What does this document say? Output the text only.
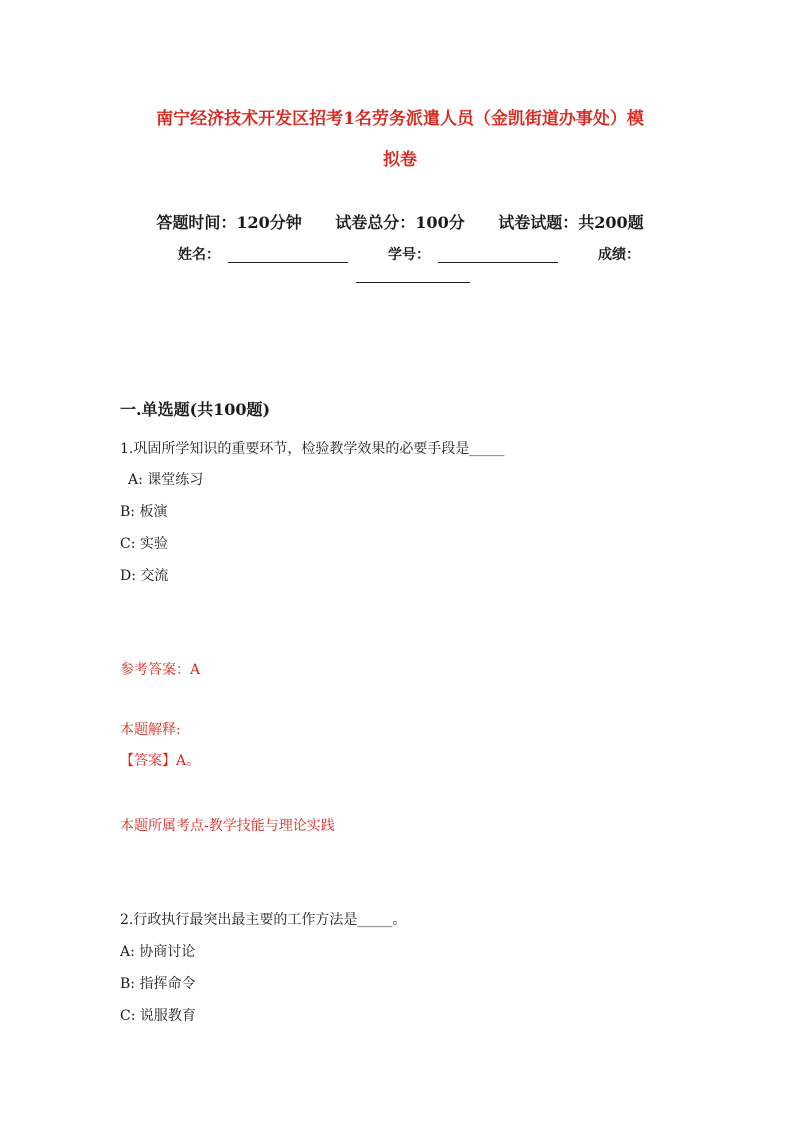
南宁经济技术开发区招考1名劳务派遣人员（金凯街道办事处）模
拟卷
答题时间：120分钟 试卷总分：100分 试卷试题：共200题
姓名：	学号：	成绩：
一.单选题(共100题)
1.巩固所学知识的重要环节，检验教学效果的必要手段是_____
A: 课堂练习
B: 板演
C: 实验
D: 交流
参考答案：A
本题解释:
【答案】A。
本题所属考点-教学技能与理论实践
2.行政执行最突出最主要的工作方法是_____。
A: 协商讨论
B: 指挥命令
C: 说服教育
